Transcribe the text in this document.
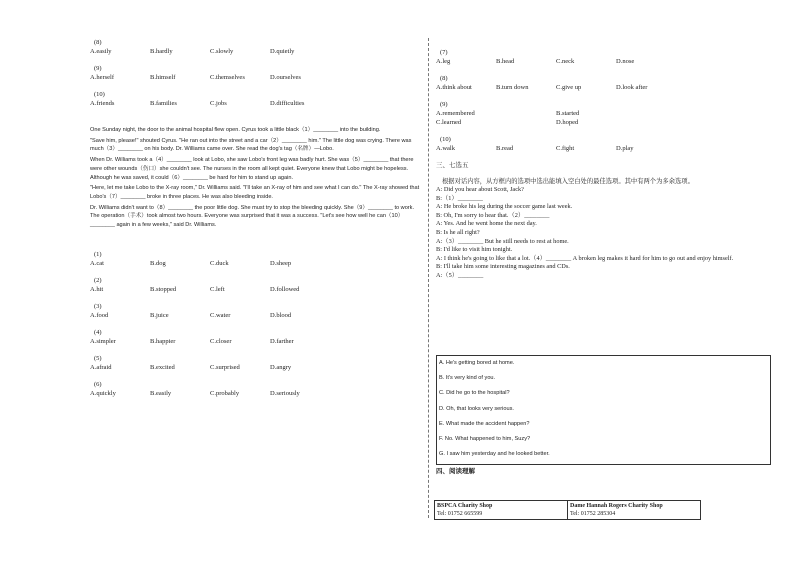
(8)
A.easily	B.hardly	C.slowly	D.quietly
(9)
A.herself	B.himself	C.themselves	D.ourselves
(10)
A.friends	B.families	C.jobs	D.difficulties

One Sunday night, the door to the animal hospital flew open. Cyrus took a little black（1）________ into the building.

"Save him, please!" shouted Cyrus. "He ran out into the street and a car（2）________ him." The little dog was crying. There was much（3）________ on his body. Dr. Williams came over. She read the dog's tag（名牌）—Lobo.

When Dr. Williams took a（4）________ look at Lobo, she saw Lobo's front leg was badly hurt. She was（5）________ that there were other wounds（伤口）she couldn't see. The nurses in the room all kept quiet. Everyone knew that Lobo might be hopeless. Although he was saved, it could（6）________ be hard for him to stand up again.

"Here, let me take Lobo to the X-ray room," Dr. Williams said. "I'll take an X-ray of him and see what I can do." The X-ray showed that Lobo's（7）________ broke in three places. He was also bleeding inside.

Dr. Williams didn't want to（8）________ the poor little dog. She must try to stop the bleeding quickly. She（9）________ to work. The operation（手术）took almost two hours. Everyone was surprised that it was a success. "Let's see how well he can（10）________ again in a few weeks," said Dr. Williams.

(1)
A.cat	B.dog	C.duck	D.sheep
(2)
A.hit	B.stopped	C.left	D.followed
(3)
A.food	B.juice	C.water	D.blood
(4)
A.simpler	B.happier	C.closer	D.farther
(5)
A.afraid	B.excited	C.surprised	D.angry
(6)
A.quickly	B.easily	C.probably	D.seriously
(7)
A.leg	B.head	C.neck	D.nose
(8)
A.think about	B.turn down	C.give up	D.look after
(9)
A.remembered	B.started
C.learned	D.hoped
(10)
A.walk	B.read	C.fight	D.play
三、七选五
根据对话内容，从方框内的选项中选出能填入空白处的最佳选项。其中有两个为多余选项。
A: Did you hear about Scott, Jack?
B:（1）________
A: He broke his leg during the soccer game last week.
B: Oh, I'm sorry to hear that.（2）________
A: Yes. And he went home the next day.
B: Is he all right?
A:（3）________ But he still needs to rest at home.
B: I'd like to visit him tonight.
A: I think he's going to like that a lot.（4）________ A broken leg makes it hard for him to go out and enjoy himself.
B: I'll take him some interesting magazines and CDs.
A:（5）________
A. He's getting bored at home.
B. It's very kind of you.
C. Did he go to the hospital?
D. Oh, that looks very serious.
E. What made the accident happen?
F. No. What happened to him, Suzy?
G. I saw him yesterday and he looked better.
四、阅读理解
BSPCA Charity Shop
Tel: 01752 665599

Dame Hannah Rogers Charity Shop
Tel: 01752 285304
